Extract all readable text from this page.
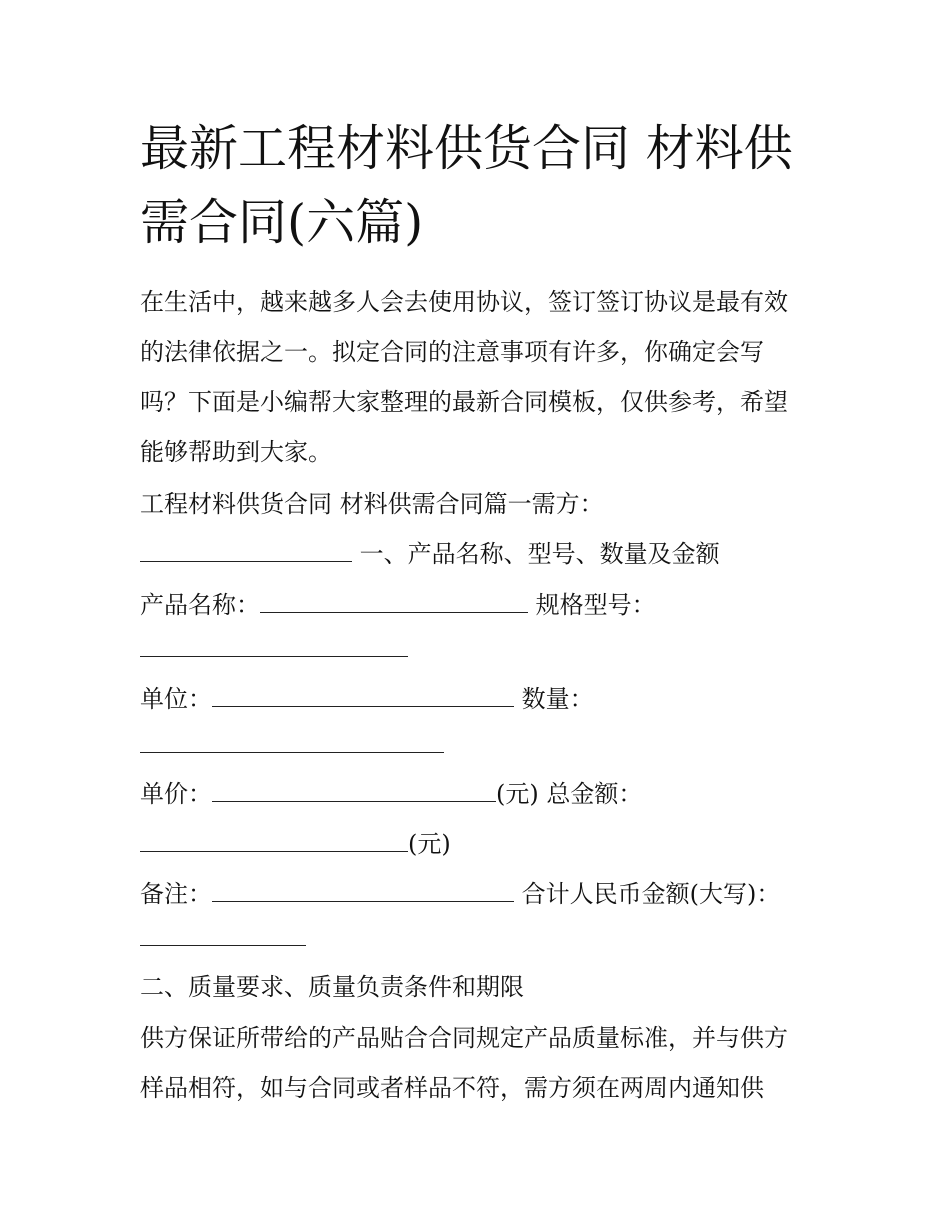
最新工程材料供货合同 材料供需合同(六篇)

在生活中，越来越多人会去使用协议，签订签订协议是最有效

的法律依据之一。拟定合同的注意事项有许多，你确定会写

吗？下面是小编帮大家整理的最新合同模板，仅供参考，希望

能够帮助到大家。

工程材料供货合同 材料供需合同篇一需方：

一、产品名称、型号、数量及金额

产品名称：	规格型号：

单位：	数量：

单价：	(元) 总金额：

(元)

备注：	合计人民币金额(大写)：

二、质量要求、质量负责条件和期限

供方保证所带给的产品贴合合同规定产品质量标准，并与供方

样品相符，如与合同或者样品不符，需方须在两周内通知供
